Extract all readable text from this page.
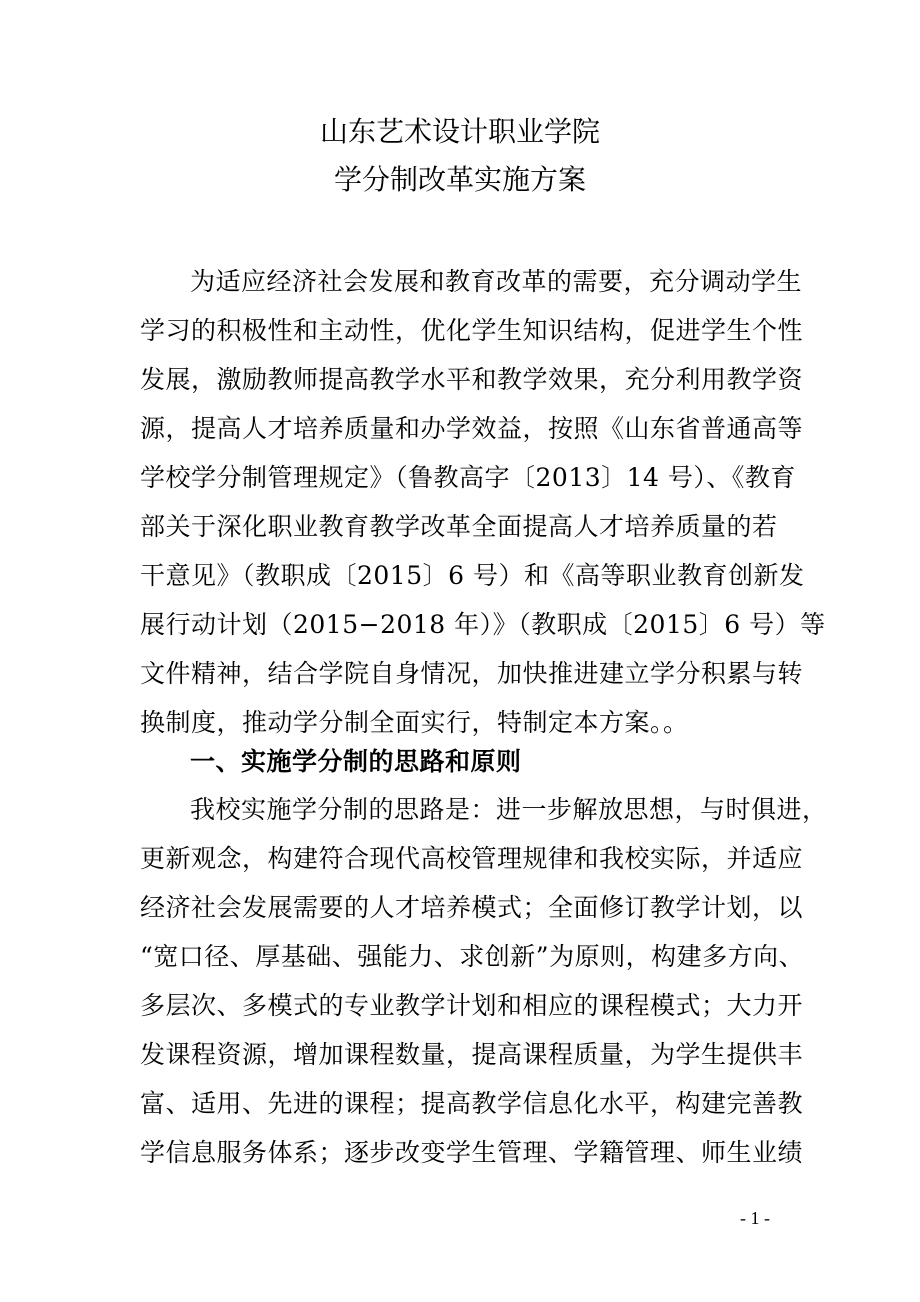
山东艺术设计职业学院
学分制改革实施方案
为适应经济社会发展和教育改革的需要，充分调动学生
学习的积极性和主动性，优化学生知识结构，促进学生个性
发展，激励教师提高教学水平和教学效果，充分利用教学资
源，提高人才培养质量和办学效益，按照《山东省普通高等
学校学分制管理规定》（鲁教高字〔2013〕14 号）、《教育
部关于深化职业教育教学改革全面提高人才培养质量的若
干意见》（教职成〔2015〕6 号）和《高等职业教育创新发
展行动计划（2015−2018 年）》（教职成〔2015〕6 号）等
文件精神，结合学院自身情况，加快推进建立学分积累与转
换制度，推动学分制全面实行，特制定本方案。。
一、实施学分制的思路和原则
我校实施学分制的思路是：进一步解放思想，与时俱进，
更新观念，构建符合现代高校管理规律和我校实际，并适应
经济社会发展需要的人才培养模式；全面修订教学计划，以
“宽口径、厚基础、强能力、求创新”为原则，构建多方向、
多层次、多模式的专业教学计划和相应的课程模式；大力开
发课程资源，增加课程数量，提高课程质量，为学生提供丰
富、适用、先进的课程；提高教学信息化水平，构建完善教
学信息服务体系；逐步改变学生管理、学籍管理、师生业绩
- 1 -
